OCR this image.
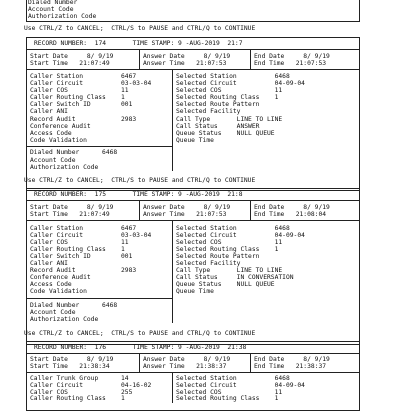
Dialed Number
Account Code
Authorization Code
Use CTRL/Z to CANCEL;  CTRL/S to PAUSE and CTRL/Q to CONTINUE
RECORD NUMBER:  174       TIME STAMP: 9 -AUG-2019  21:7
Start Date     8/ 9/19
Start Time   21:07:49
Answer Date     8/ 9/19
Answer Time   21:07:53
End Date     8/ 9/19
End Time   21:07:53
Caller Station          6467
Caller Circuit          03-03-04
Caller COS              11
Caller Routing Class    1
Caller Switch ID        001
Caller ANI
Record Audit            2983
Conference Audit
Access Code
Code Validation
Selected Station          6468
Selected Circuit          04-09-04
Selected COS              11
Selected Routing Class    1
Selected Route Pattern
Selected Facility
Call Type       LINE TO LINE
Call Status     ANSWER
Queue Status    NULL QUEUE
Queue Time
Dialed Number      6468
Account Code
Authorization Code
Use CTRL/Z to CANCEL;  CTRL/S to PAUSE and CTRL/Q to CONTINUE
RECORD NUMBER:  175       TIME STAMP: 9 -AUG-2019  21:8
Start Date     8/ 9/19
Start Time   21:07:49
Answer Date     8/ 9/19
Answer Time   21:07:53
End Date     8/ 9/19
End Time   21:08:04
Caller Station          6467
Caller Circuit          03-03-04
Caller COS              11
Caller Routing Class    1
Caller Switch ID        001
Caller ANI
Record Audit            2983
Conference Audit
Access Code
Code Validation
Selected Station          6468
Selected Circuit          04-09-04
Selected COS              11
Selected Routing Class    1
Selected Route Pattern
Selected Facility
Call Type       LINE TO LINE
Call Status     IN CONVERSATION
Queue Status    NULL QUEUE
Queue Time
Dialed Number      6468
Account Code
Authorization Code
Use CTRL/Z to CANCEL;  CTRL/S to PAUSE and CTRL/Q to CONTINUE
RECORD NUMBER:  176       TIME STAMP: 9 -AUG-2019  21:38
Start Date     8/ 9/19
Start Time   21:38:34
Answer Date     8/ 9/19
Answer Time   21:38:37
End Date     8/ 9/19
End Time   21:38:37
Caller Trunk Group      14
Caller Circuit          04-16-02
Caller COS              255
Caller Routing Class    1
Selected Station          6468
Selected Circuit          04-09-04
Selected COS              11
Selected Routing Class    1
